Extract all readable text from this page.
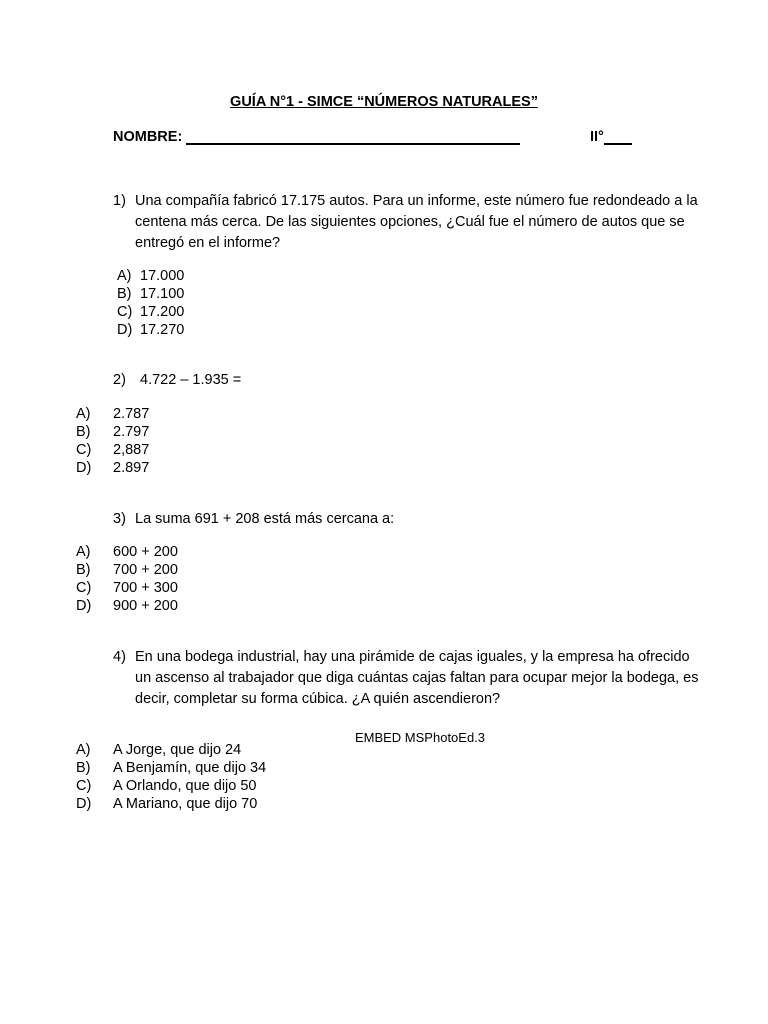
GUÍA N°1 - SIMCE “NÚMEROS NATURALES”
NOMBRE:	II°
1) Una compañía fabricó 17.175 autos. Para un informe, este número fue redondeado a la centena más cerca. De las siguientes opciones, ¿Cuál fue el número de autos que se entregó en el informe?
A) 17.000
B) 17.100
C) 17.200
D) 17.270
2) 4.722 – 1.935 =
A) 2.787
B) 2.797
C) 2,887
D) 2.897
3) La suma 691 + 208 está más cercana a:
A) 600 + 200
B) 700 + 200
C) 700 + 300
D) 900 + 200
4) En una bodega industrial, hay una pirámide de cajas iguales, y la empresa ha ofrecido un ascenso al trabajador que diga cuántas cajas faltan para ocupar mejor la bodega, es decir, completar su forma cúbica. ¿A quién ascendieron?
EMBED MSPhotoEd.3
A) A Jorge, que dijo 24
B) A Benjamín, que dijo 34
C) A Orlando, que dijo 50
D) A Mariano, que dijo 70
